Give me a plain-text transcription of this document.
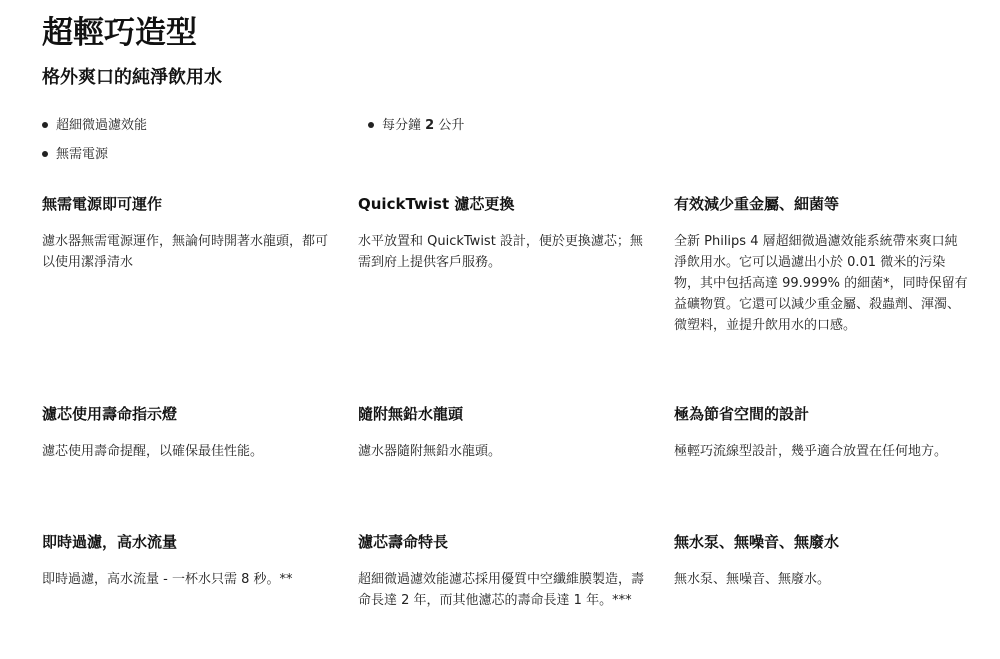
超輕巧造型
格外爽口的純淨飲用水
超細微過濾效能	每分鐘 2 公升
無需電源
無需電源即可運作

濾水器無需電源運作，無論何時開著水龍頭，都可以使用潔淨清水

QuickTwist 濾芯更換

水平放置和 QuickTwist 設計，便於更換濾芯；無需到府上提供客戶服務。

有效減少重金屬、細菌等

全新 Philips 4 層超細微過濾效能系統帶來爽口純淨飲用水。它可以過濾出小於 0.01 微米的污染物，其中包括高達 99.999% 的細菌*，同時保留有益礦物質。它還可以減少重金屬、殺蟲劑、渾濁、微塑料，並提升飲用水的口感。

濾芯使用壽命指示燈

濾芯使用壽命提醒，以確保最佳性能。

隨附無鉛水龍頭

濾水器隨附無鉛水龍頭。

極為節省空間的設計

極輕巧流線型設計，幾乎適合放置在任何地方。

即時過濾，高水流量

即時過濾，高水流量 - 一杯水只需 8 秒。**

濾芯壽命特長

超細微過濾效能濾芯採用優質中空纖維膜製造，壽命長達 2 年，而其他濾芯的壽命長達 1 年。***

無水泵、無噪音、無廢水

無水泵、無噪音、無廢水。
